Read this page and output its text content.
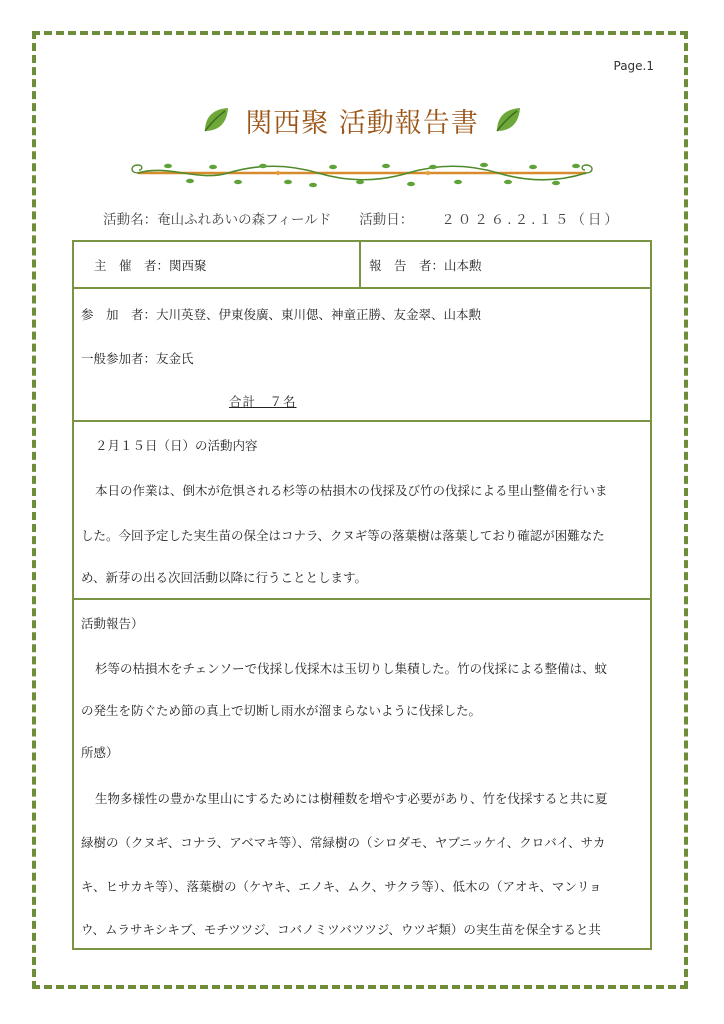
Page.1
関西聚 活動報告書
活動名：奄山ふれあいの森フィールド 活動日： ２０２６.２.１５（日）
主　催　者： 関西聚	報　告　者： 山本勲
参　加　者：大川英登、伊東俊廣、東川偲、神童正勝、友金翠、山本勲
一般参加者：友金氏
合計　７名
２月１５日（日）の活動内容
本日の作業は、倒木が危惧される杉等の枯損木の伐採及び竹の伐採による里山整備を行いま
した。今回予定した実生苗の保全はコナラ、クヌギ等の落葉樹は落葉しており確認が困難なた
め、新芽の出る次回活動以降に行うこととします。
活動報告）
杉等の枯損木をチェンソーで伐採し伐採木は玉切りし集積した。竹の伐採による整備は、蚊
の発生を防ぐため節の真上で切断し雨水が溜まらないように伐採した。
所感）
生物多様性の豊かな里山にするためには樹種数を増やす必要があり、竹を伐採すると共に夏
緑樹の（クヌギ、コナラ、アベマキ等）、常緑樹の（シロダモ、ヤブニッケイ、クロバイ、サカ
キ、ヒサカキ等）、落葉樹の（ケヤキ、エノキ、ムク、サクラ等）、低木の（アオキ、マンリョ
ウ、ムラサキシキブ、モチツツジ、コバノミツバツツジ、ウツギ類）の実生苗を保全すると共
